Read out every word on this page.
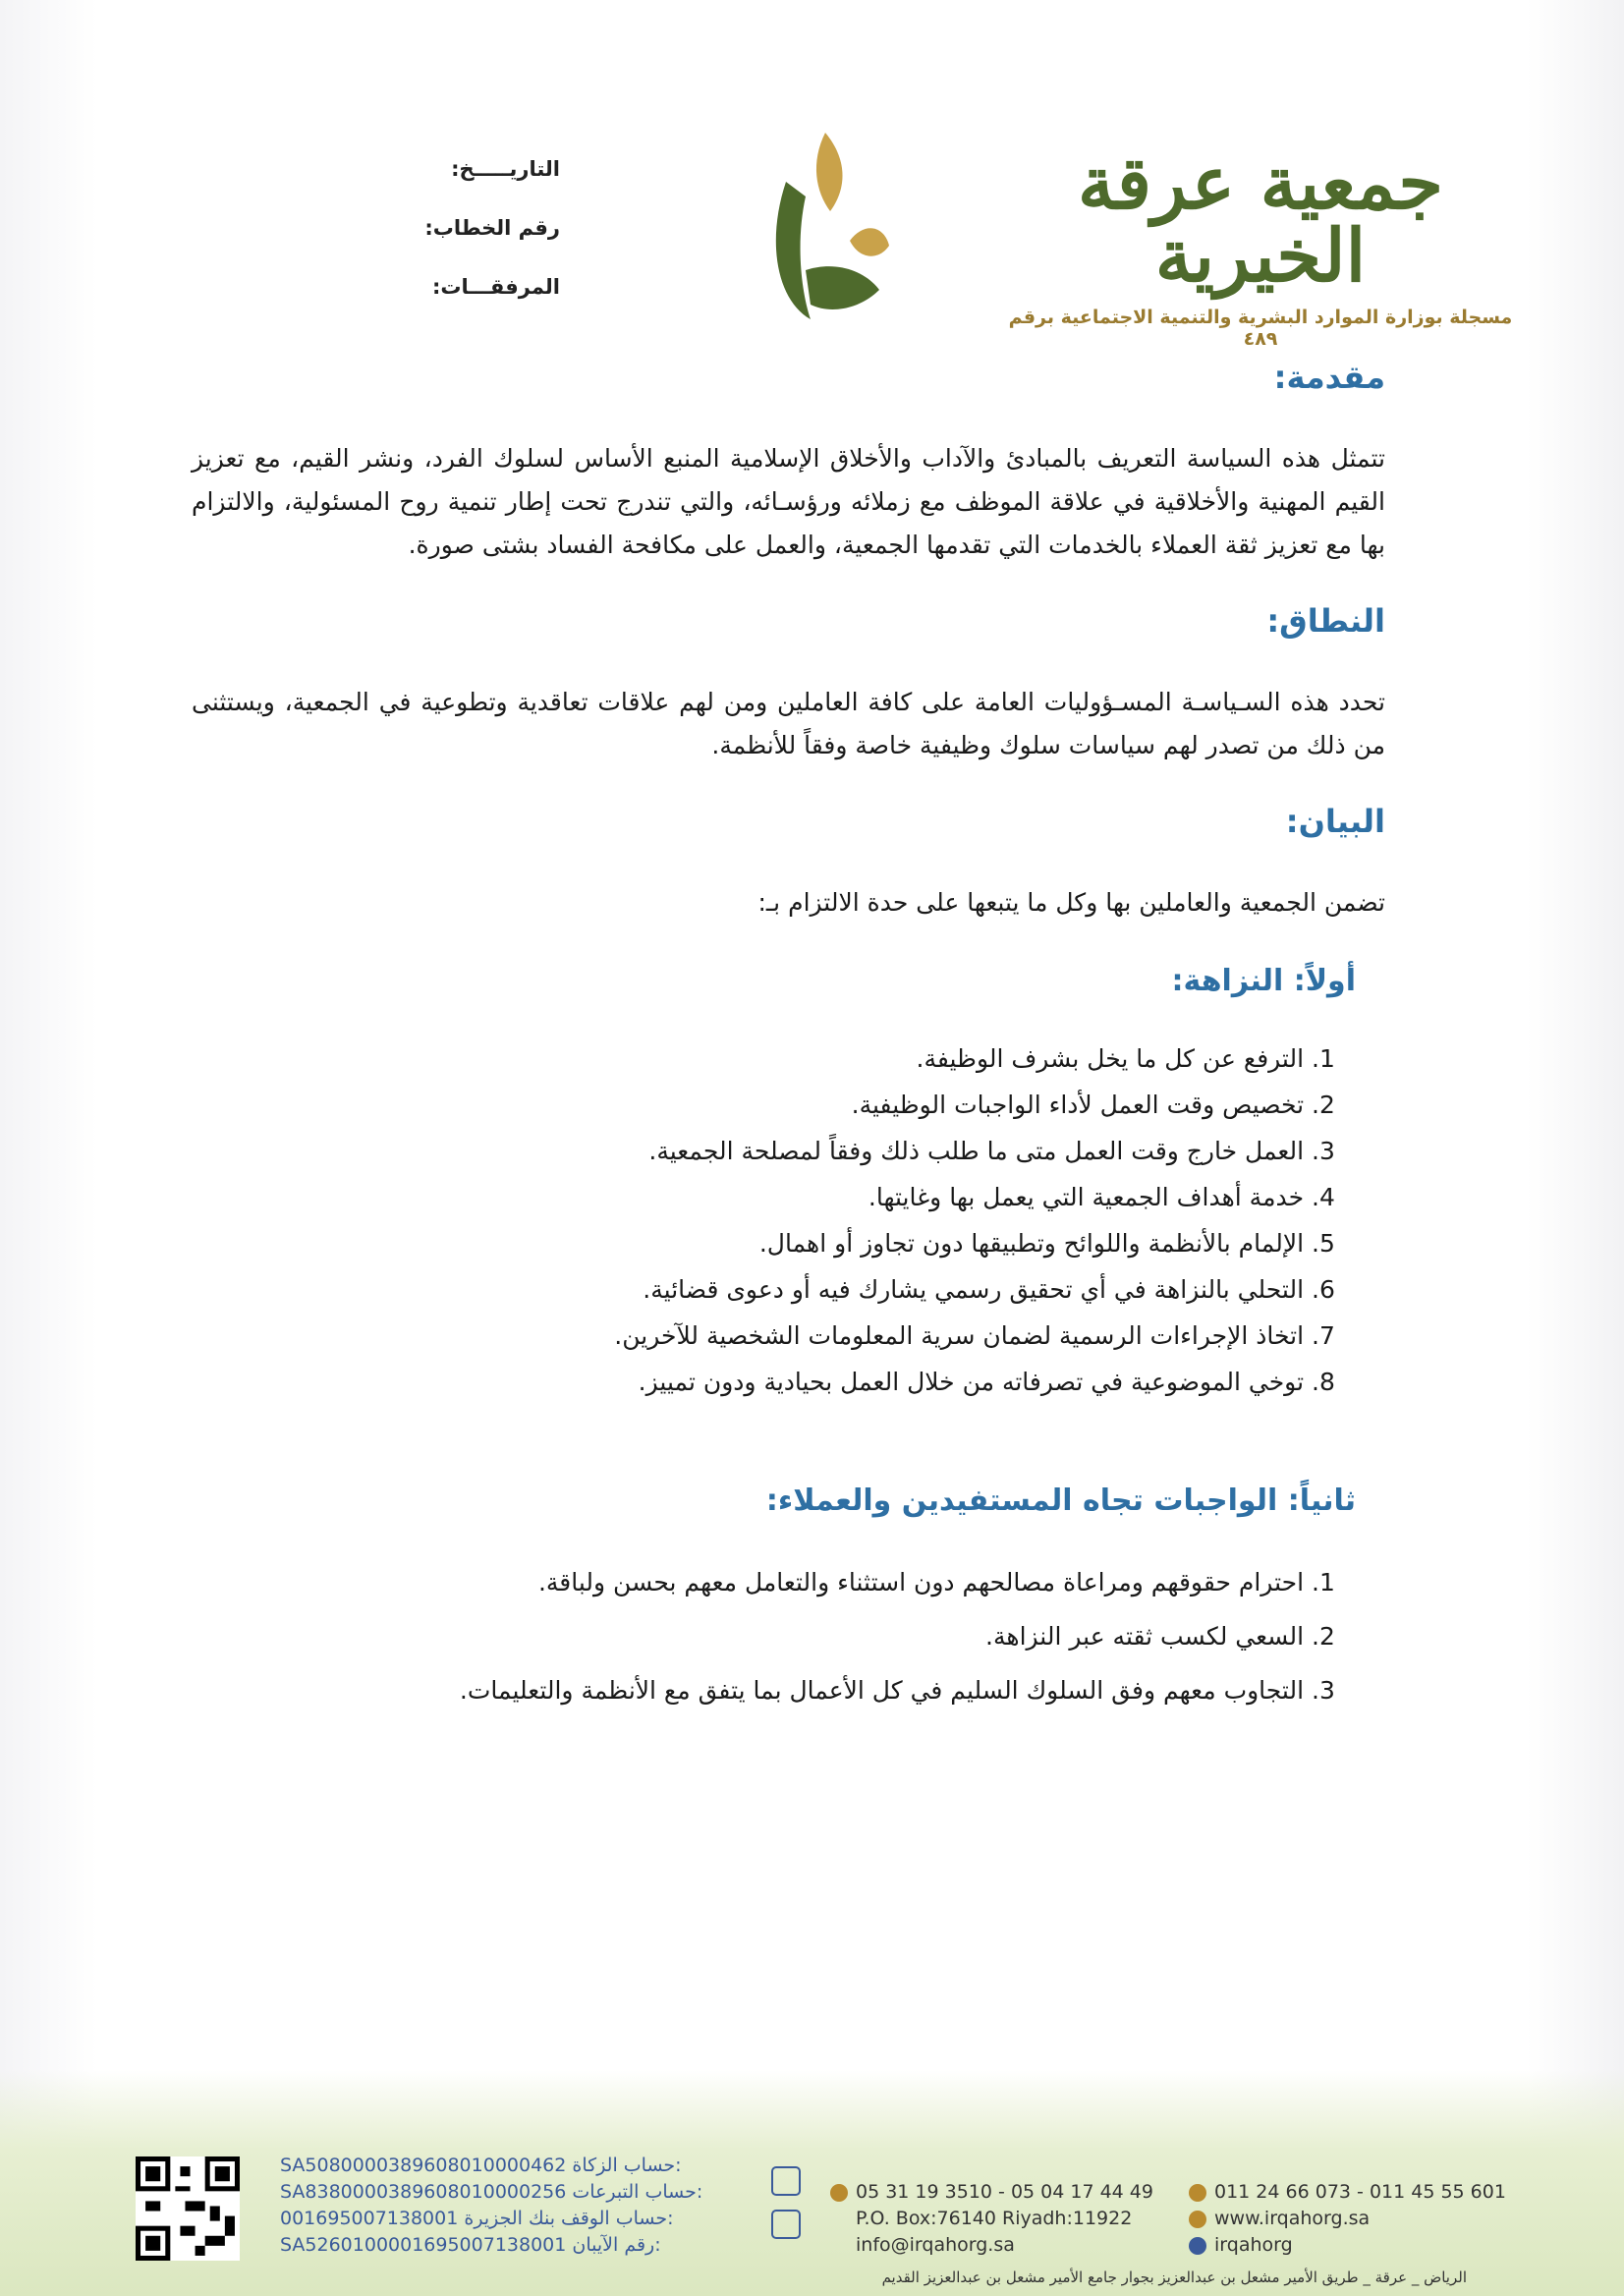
جمعية عرقة الخيرية
مسجلة بوزارة الموارد البشرية والتنمية الاجتماعية برقم ٤٨٩
مسند
التاريـــــخ:
رقم الخطاب:
المرفقـــات:
مقدمة:

تتمثل هذه السياسة التعريف بالمبادئ والآداب والأخلاق الإسلامية المنبع الأساس لسلوك الفرد، ونشر القيم، مع تعزيز القيم المهنية والأخلاقية في علاقة الموظف مع زملائه ورؤسـائه، والتي تندرج تحت إطار تنمية روح المسئولية، والالتزام بها مع تعزيز ثقة العملاء بالخدمات التي تقدمها الجمعية، والعمل على مكافحة الفساد بشتى صورة.

النطاق:

تحدد هذه السـياسـة المسـؤوليات العامة على كافة العاملين ومن لهم علاقات تعاقدية وتطوعية في الجمعية، ويستثنى من ذلك من تصدر لهم سياسات سلوك وظيفية خاصة وفقاً للأنظمة.

البيان:

تضمن الجمعية والعاملين بها وكل ما يتبعها على حدة الالتزام بـ:

أولاً: النزاهة:
1. الترفع عن كل ما يخل بشرف الوظيفة.
2. تخصيص وقت العمل لأداء الواجبات الوظيفية.
3. العمل خارج وقت العمل متى ما طلب ذلك وفقاً لمصلحة الجمعية.
4. خدمة أهداف الجمعية التي يعمل بها وغايتها.
5. الإلمام بالأنظمة واللوائح وتطبيقها دون تجاوز أو اهمال.
6. التحلي بالنزاهة في أي تحقيق رسمي يشارك فيه أو دعوى قضائية.
7. اتخاذ الإجراءات الرسمية لضمان سرية المعلومات الشخصية للآخرين.
8. توخي الموضوعية في تصرفاته من خلال العمل بحيادية ودون تمييز.
ثانياً: الواجبات تجاه المستفيدين والعملاء:
1. احترام حقوقهم ومراعاة مصالحهم دون استثناء والتعامل معهم بحسن ولباقة.
2. السعي لكسب ثقته عبر النزاهة.
3. التجاوب معهم وفق السلوك السليم في كل الأعمال بما يتفق مع الأنظمة والتعليمات.
SA5080000389608010000462 حساب الزكاة:
SA8380000389608010000256 حساب التبرعات:
001695007138001 حساب الوقف بنك الجزيرة:
SA5260100001695007138001 رقم الآيبان:
05 31 19 3510 - 05 04 17 44 49
P.O. Box:76140 Riyadh:11922
info@irqahorg.sa
011 24 66 073 - 011 45 55 601
www.irqahorg.sa
irqahorg
الرياض _ عرقة _ طريق الأمير مشعل بن عبدالعزيز بجوار جامع الأمير مشعل بن عبدالعزيز القديم
